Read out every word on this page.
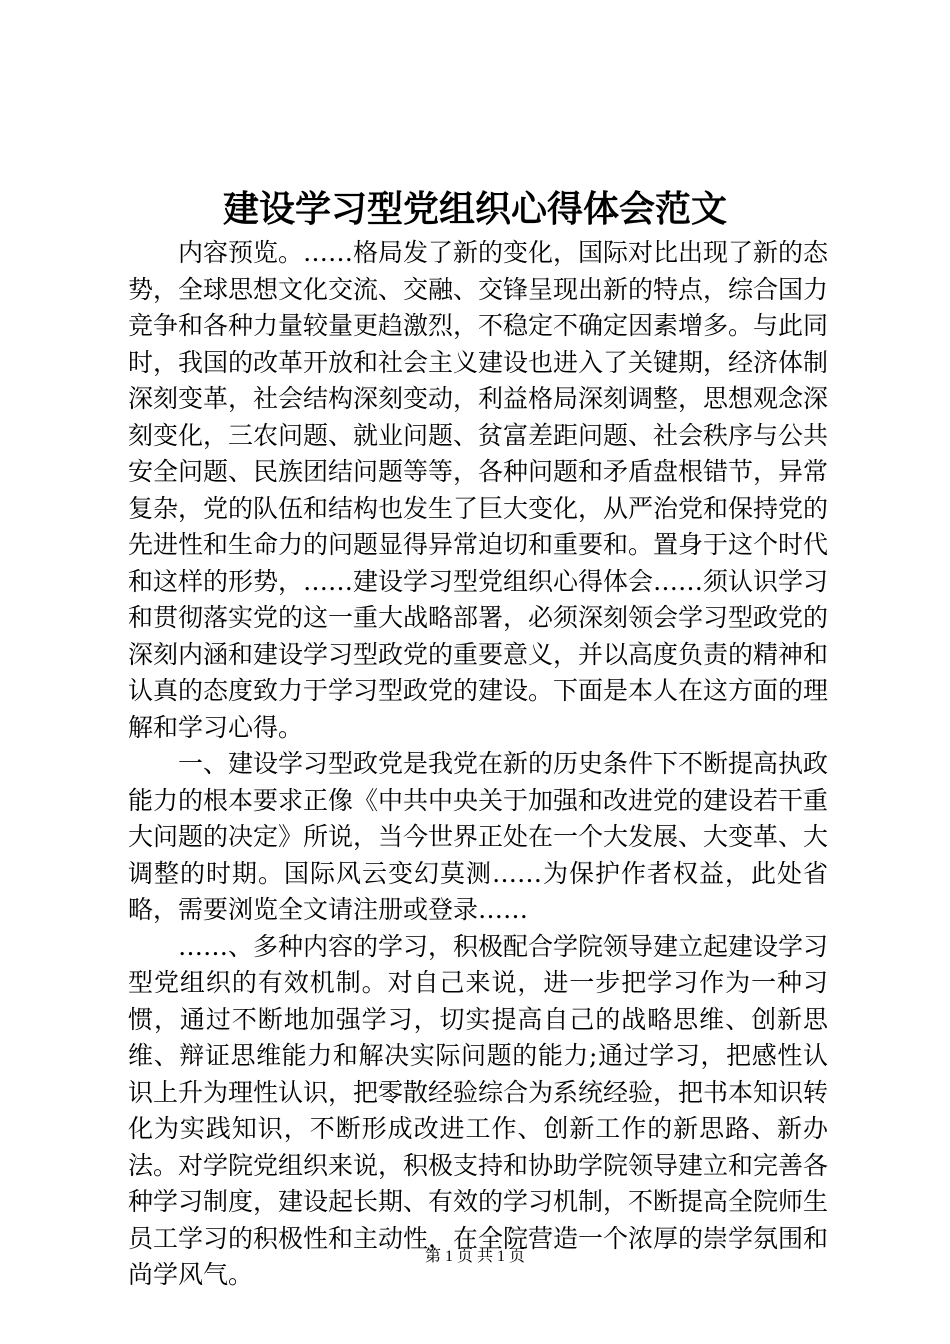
建设学习型党组织心得体会范文

内容预览。……格局发了新的变化，国际对比出现了新的态势，全球思想文化交流、交融、交锋呈现出新的特点，综合国力竞争和各种力量较量更趋激烈，不稳定不确定因素增多。与此同时，我国的改革开放和社会主义建设也进入了关键期，经济体制深刻变革，社会结构深刻变动，利益格局深刻调整，思想观念深刻变化，三农问题、就业问题、贫富差距问题、社会秩序与公共安全问题、民族团结问题等等，各种问题和矛盾盘根错节，异常复杂，党的队伍和结构也发生了巨大变化，从严治党和保持党的先进性和生命力的问题显得异常迫切和重要和。置身于这个时代和这样的形势，……建设学习型党组织心得体会……须认识学习和贯彻落实党的这一重大战略部署，必须深刻领会学习型政党的深刻内涵和建设学习型政党的重要意义，并以高度负责的精神和认真的态度致力于学习型政党的建设。下面是本人在这方面的理解和学习心得。

一、建设学习型政党是我党在新的历史条件下不断提高执政能力的根本要求正像《中共中央关于加强和改进党的建设若干重大问题的决定》所说，当今世界正处在一个大发展、大变革、大调整的时期。国际风云变幻莫测……为保护作者权益，此处省略，需要浏览全文请注册或登录……

……、多种内容的学习，积极配合学院领导建立起建设学习型党组织的有效机制。对自己来说，进一步把学习作为一种习惯，通过不断地加强学习，切实提高自己的战略思维、创新思维、辩证思维能力和解决实际问题的能力;通过学习，把感性认识上升为理性认识，把零散经验综合为系统经验，把书本知识转化为实践知识，不断形成改进工作、创新工作的新思路、新办法。对学院党组织来说，积极支持和协助学院领导建立和完善各种学习制度，建设起长期、有效的学习机制，不断提高全院师生员工学习的积极性和主动性，在全院营造一个浓厚的崇学氛围和尚学风气。

第 1 页 共 1 页
